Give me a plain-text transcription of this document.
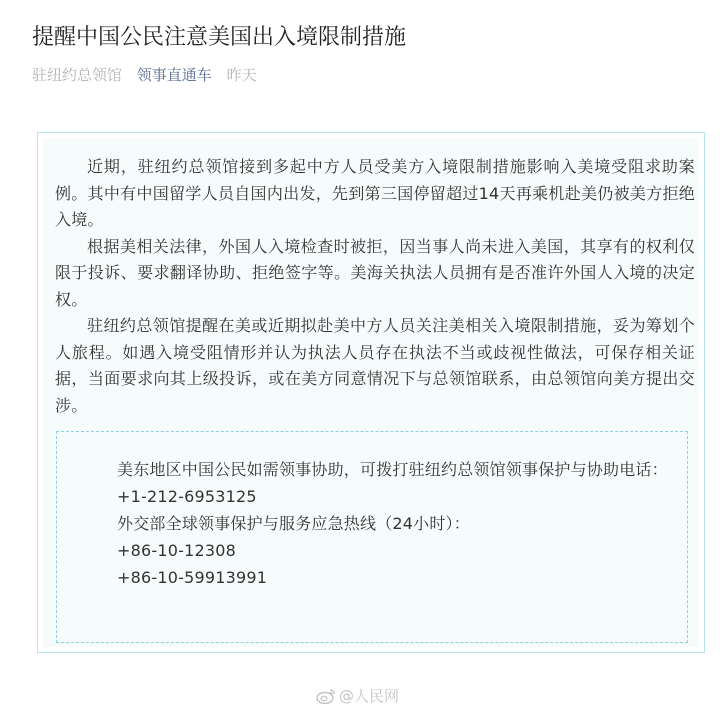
提醒中国公民注意美国出入境限制措施
驻纽约总领馆 领事直通车 昨天

近期，驻纽约总领馆接到多起中方人员受美方入境限制措施影响入美境受阻求助案例。其中有中国留学人员自国内出发，先到第三国停留超过14天再乘机赴美仍被美方拒绝入境。

根据美相关法律，外国人入境检查时被拒，因当事人尚未进入美国，其享有的权利仅限于投诉、要求翻译协助、拒绝签字等。美海关执法人员拥有是否准许外国人入境的决定权。

驻纽约总领馆提醒在美或近期拟赴美中方人员关注美相关入境限制措施，妥为筹划个人旅程。如遇入境受阻情形并认为执法人员存在执法不当或歧视性做法，可保存相关证据，当面要求向其上级投诉，或在美方同意情况下与总领馆联系，由总领馆向美方提出交涉。

美东地区中国公民如需领事协助，可拨打驻纽约总领馆领事保护与协助电话：

+1-212-6953125

外交部全球领事保护与服务应急热线（24小时）：

+86-10-12308

+86-10-59913991

@人民网
